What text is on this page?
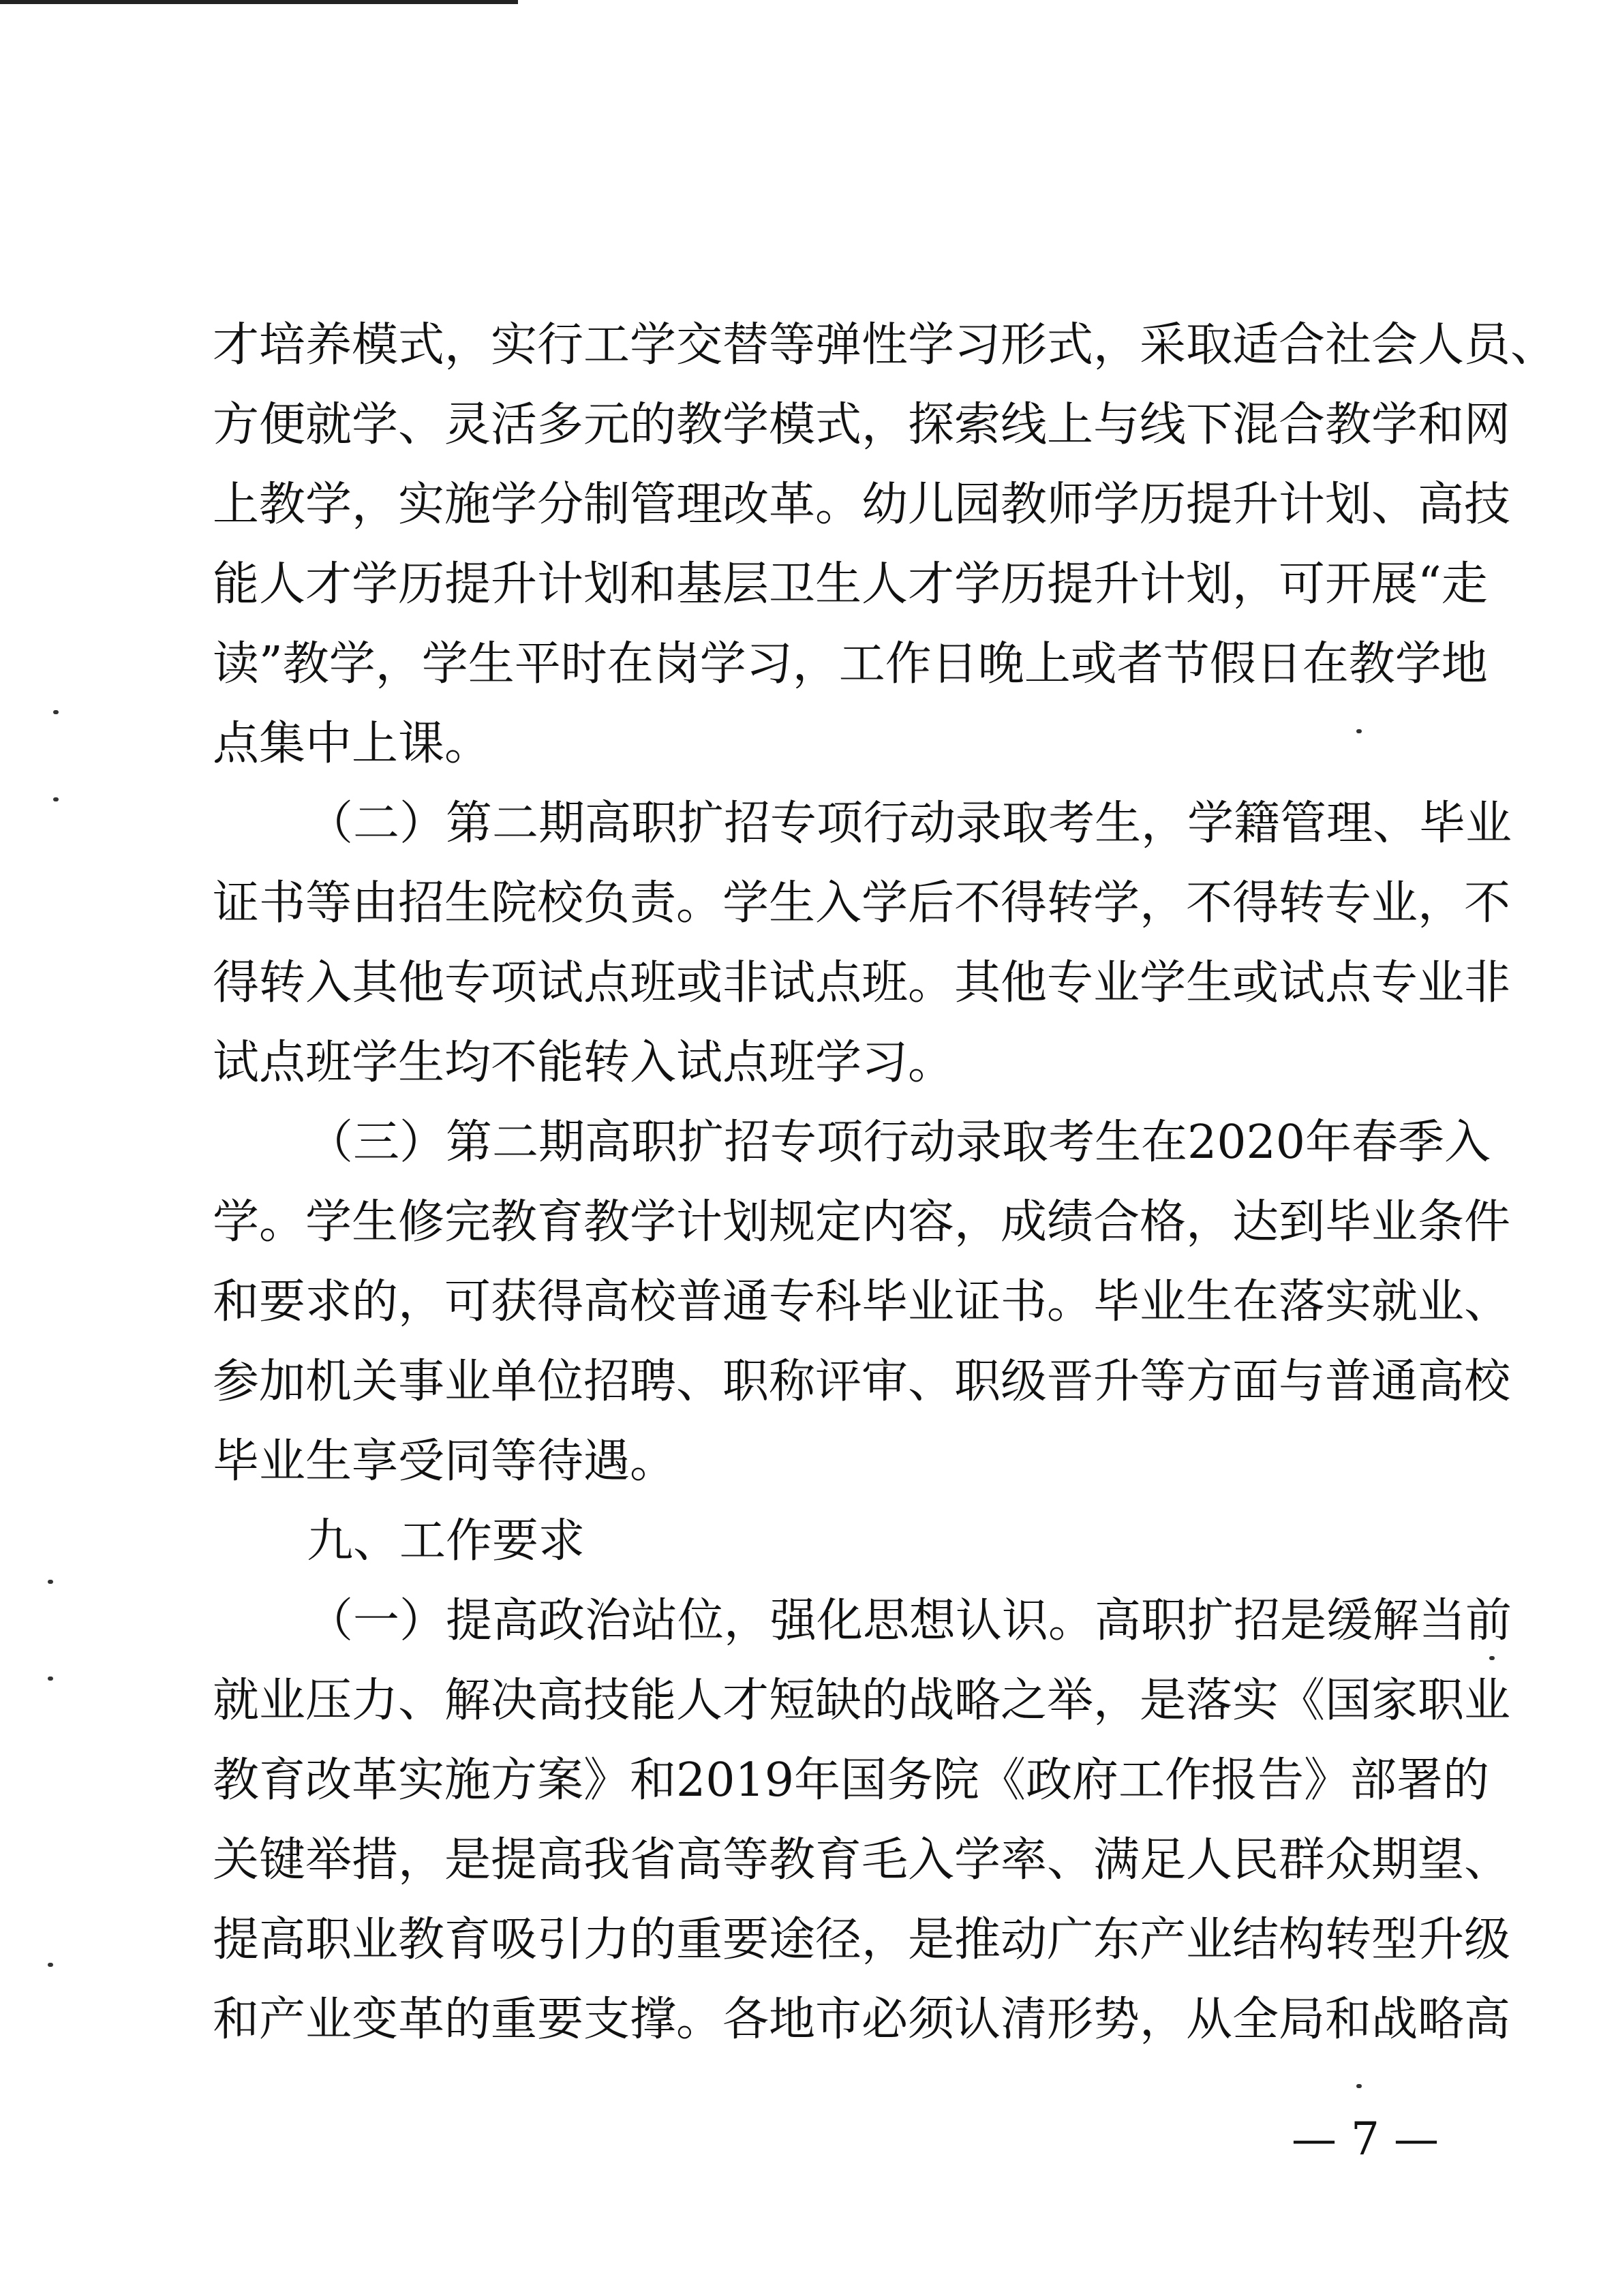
才培养模式，实行工学交替等弹性学习形式，采取适合社会人员、
方便就学、灵活多元的教学模式，探索线上与线下混合教学和网
上教学，实施学分制管理改革。幼儿园教师学历提升计划、高技
能人才学历提升计划和基层卫生人才学历提升计划，可开展“走
读”教学，学生平时在岗学习，工作日晚上或者节假日在教学地
点集中上课。
（二）第二期高职扩招专项行动录取考生，学籍管理、毕业
证书等由招生院校负责。学生入学后不得转学，不得转专业，不
得转入其他专项试点班或非试点班。其他专业学生或试点专业非
试点班学生均不能转入试点班学习。
（三）第二期高职扩招专项行动录取考生在2020年春季入
学。学生修完教育教学计划规定内容，成绩合格，达到毕业条件
和要求的，可获得高校普通专科毕业证书。毕业生在落实就业、
参加机关事业单位招聘、职称评审、职级晋升等方面与普通高校
毕业生享受同等待遇。
九、工作要求
（一）提高政治站位，强化思想认识。高职扩招是缓解当前
就业压力、解决高技能人才短缺的战略之举，是落实《国家职业
教育改革实施方案》和2019年国务院《政府工作报告》部署的
关键举措，是提高我省高等教育毛入学率、满足人民群众期望、
提高职业教育吸引力的重要途径，是推动广东产业结构转型升级
和产业变革的重要支撑。各地市必须认清形势，从全局和战略高
— 7 —
